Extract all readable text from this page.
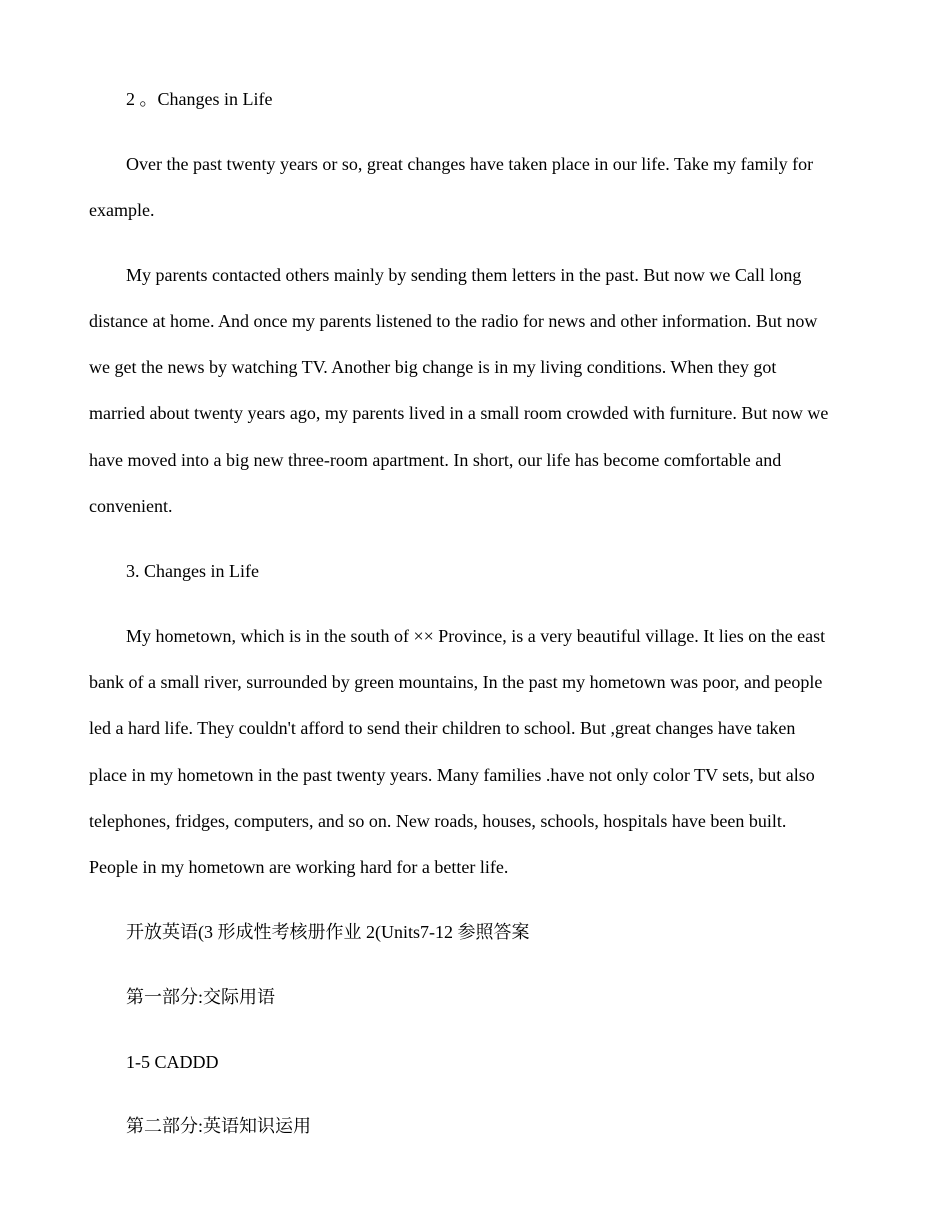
2 。Changes in Life
Over the past twenty years or so, great changes have taken place in our life. Take my family for
example.
My parents contacted others mainly by sending them letters in the past. But now we Call long
distance at home. And once my parents listened to the radio for news and other information. But now
we get the news by watching TV. Another big change is in my living conditions. When they got
married about twenty years ago, my parents lived in a small room crowded with furniture. But now we
have moved into a big new three-room apartment. In short, our life has become comfortable and
convenient.
3. Changes in Life
My hometown, which is in the south of ×× Province, is a very beautiful village. It lies on the east
bank of a small river, surrounded by green mountains, In the past my hometown was poor, and people
led a hard life. They couldn't afford to send their children to school. But ,great changes have taken
place in my hometown in the past twenty years. Many families .have not only color TV sets, but also
telephones, fridges, computers, and so on. New roads, houses, schools, hospitals have been built.
People in my hometown are working hard for a better life.
开放英语(3 形成性考核册作业 2(Units7-12 参照答案
第一部分:交际用语
1-5 CADDD
第二部分:英语知识运用
